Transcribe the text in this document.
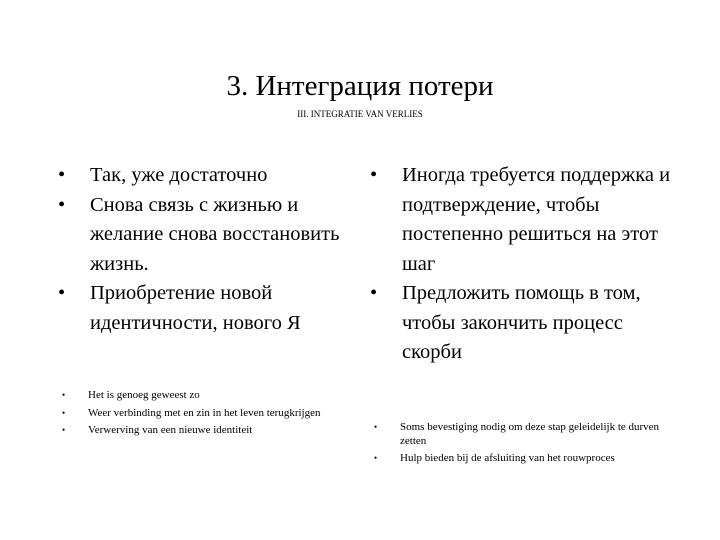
3. Интеграция потери
III. INTEGRATIE VAN VERLIES
• Так, уже достаточно
• Снова связь с жизнью и желание снова восстановить жизнь.
• Приобретение новой идентичности, нового Я
• Het is genoeg geweest zo
• Weer verbinding met en zin in het leven terugkrijgen
• Verwerving van een nieuwe identiteit
• Иногда требуется поддержка и подтверждение, чтобы постепенно решиться на этот шаг
• Предложить помощь в том, чтобы закончить процесс скорби
• Soms bevestiging nodig om deze stap geleidelijk te durven zetten
• Hulp bieden bij de afsluiting van het rouwproces
